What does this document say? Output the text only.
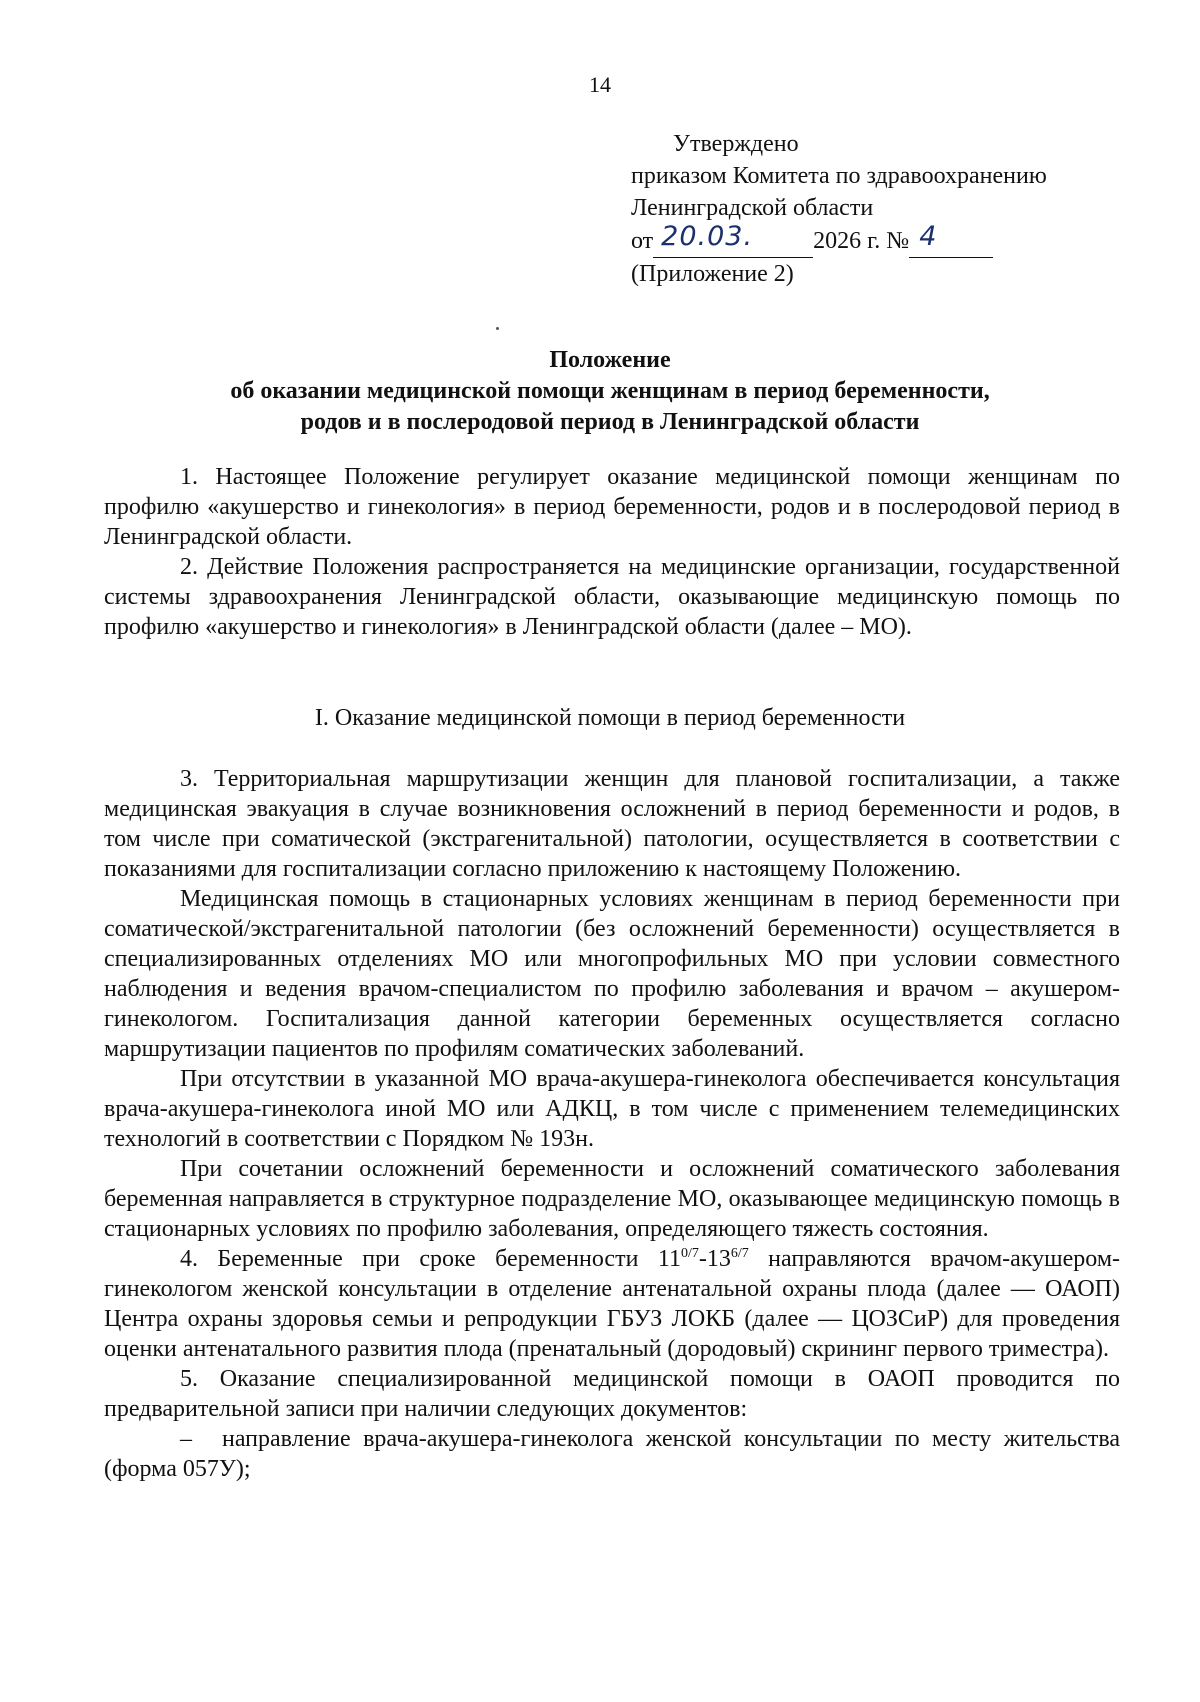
14
Утверждено
приказом Комитета по здравоохранению
Ленинградской области
от 20.03.	2026 г. № 4
(Приложение 2)
Положение
об оказании медицинской помощи женщинам в период беременности,
родов и в послеродовой период в Ленинградской области

1. Настоящее Положение регулирует оказание медицинской помощи женщинам по профилю «акушерство и гинекология» в период беременности, родов и в послеродовой период в Ленинградской области.

2. Действие Положения распространяется на медицинские организации, государственной системы здравоохранения Ленинградской области, оказывающие медицинскую помощь по профилю «акушерство и гинекология» в Ленинградской области (далее – МО).

I. Оказание медицинской помощи в период беременности

3. Территориальная маршрутизации женщин для плановой госпитализации, а также медицинская эвакуация в случае возникновения осложнений в период беременности и родов, в том числе при соматической (экстрагенитальной) патологии, осуществляется в соответствии с показаниями для госпитализации согласно приложению к настоящему Положению.

Медицинская помощь в стационарных условиях женщинам в период беременности при соматической/экстрагенитальной патологии (без осложнений беременности) осуществляется в специализированных отделениях МО или многопрофильных МО при условии совместного наблюдения и ведения врачом-специалистом по профилю заболевания и врачом – акушером-гинекологом. Госпитализация данной категории беременных осуществляется согласно маршрутизации пациентов по профилям соматических заболеваний.

При отсутствии в указанной МО врача-акушера-гинеколога обеспечивается консультация врача-акушера-гинеколога иной МО или АДКЦ, в том числе с применением телемедицинских технологий в соответствии с Порядком № 193н.

При сочетании осложнений беременности и осложнений соматического заболевания беременная направляется в структурное подразделение МО, оказывающее медицинскую помощь в стационарных условиях по профилю заболевания, определяющего тяжесть состояния.

4. Беременные при сроке беременности $11^{0/7}-13^{6/7}$ направляются врачом-акушером-гинекологом женской консультации в отделение антенатальной охраны плода (далее — ОАОП) Центра охраны здоровья семьи и репродукции ГБУЗ ЛОКБ (далее — ЦОЗСиР) для проведения оценки антенатального развития плода (пренатальный (дородовый) скрининг первого триместра).

5. Оказание специализированной медицинской помощи в ОАОП проводится по предварительной записи при наличии следующих документов:

– направление врача-акушера-гинеколога женской консультации по месту жительства (форма 057У);
